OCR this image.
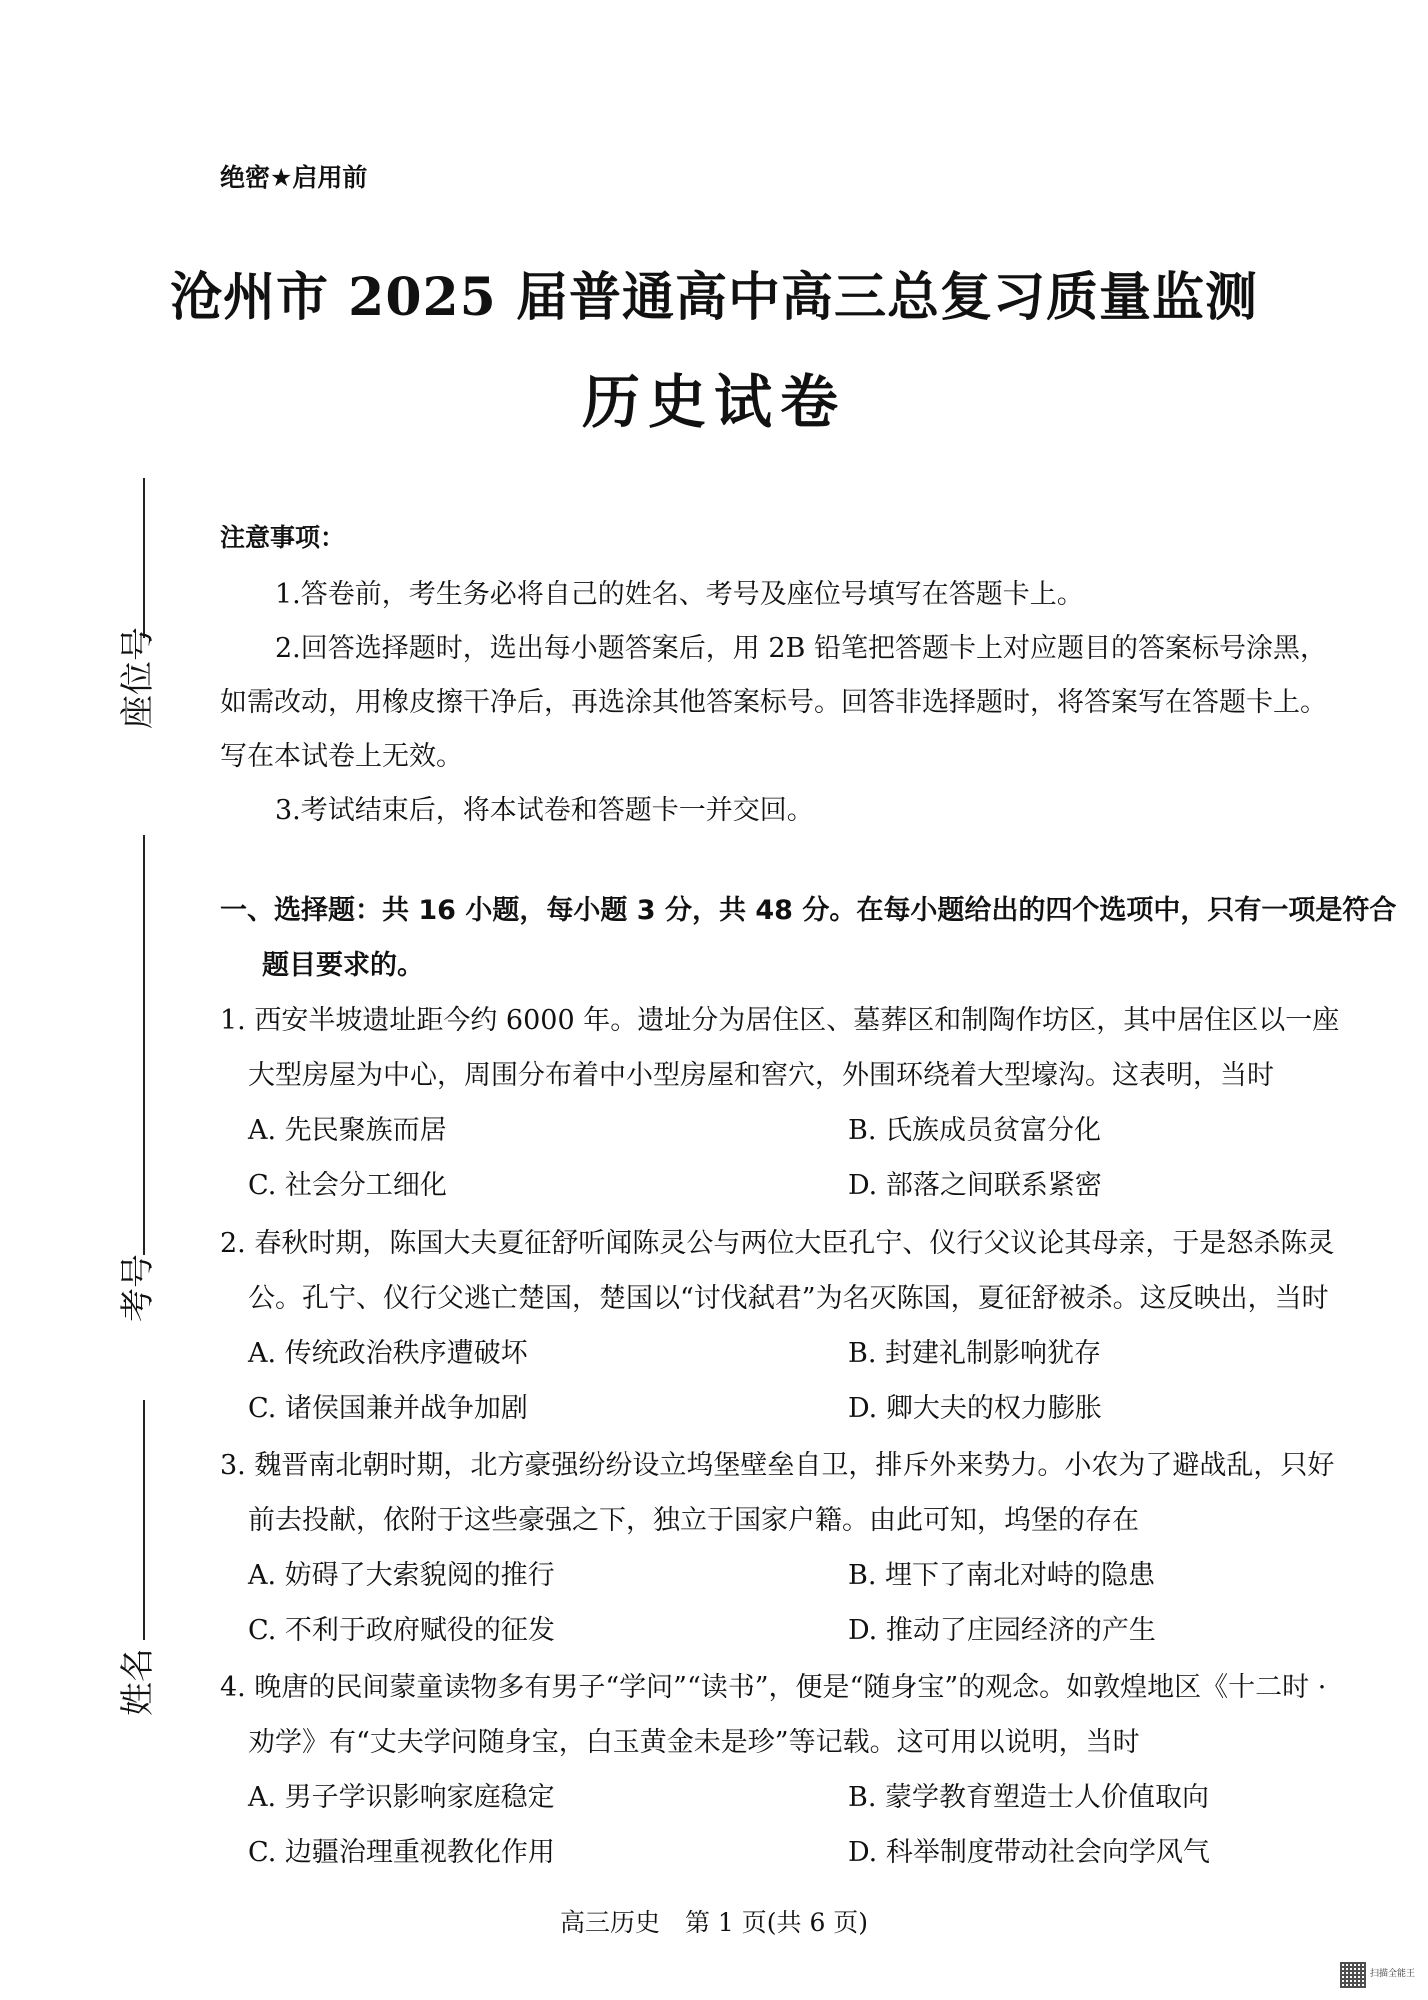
绝密★启用前
沧州市 2025 届普通高中高三总复习质量监测
历史试卷
座位号
考号
姓名
注意事项：
1.答卷前，考生务必将自己的姓名、考号及座位号填写在答题卡上。
2.回答选择题时，选出每小题答案后，用 2B 铅笔把答题卡上对应题目的答案标号涂黑，
如需改动，用橡皮擦干净后，再选涂其他答案标号。回答非选择题时，将答案写在答题卡上。
写在本试卷上无效。
3.考试结束后，将本试卷和答题卡一并交回。
一、选择题：共 16 小题，每小题 3 分，共 48 分。在每小题给出的四个选项中，只有一项是符合
题目要求的。
1. 西安半坡遗址距今约 6000 年。遗址分为居住区、墓葬区和制陶作坊区，其中居住区以一座
大型房屋为中心，周围分布着中小型房屋和窖穴，外围环绕着大型壕沟。这表明，当时
A. 先民聚族而居	B. 氏族成员贫富分化
C. 社会分工细化	D. 部落之间联系紧密
2. 春秋时期，陈国大夫夏征舒听闻陈灵公与两位大臣孔宁、仪行父议论其母亲，于是怒杀陈灵
公。孔宁、仪行父逃亡楚国，楚国以“讨伐弑君”为名灭陈国，夏征舒被杀。这反映出，当时
A. 传统政治秩序遭破坏	B. 封建礼制影响犹存
C. 诸侯国兼并战争加剧	D. 卿大夫的权力膨胀
3. 魏晋南北朝时期，北方豪强纷纷设立坞堡壁垒自卫，排斥外来势力。小农为了避战乱，只好
前去投献，依附于这些豪强之下，独立于国家户籍。由此可知，坞堡的存在
A. 妨碍了大索貌阅的推行	B. 埋下了南北对峙的隐患
C. 不利于政府赋役的征发	D. 推动了庄园经济的产生
4. 晚唐的民间蒙童读物多有男子“学问”“读书”，便是“随身宝”的观念。如敦煌地区《十二时 ·
劝学》有“丈夫学问随身宝，白玉黄金未是珍”等记载。这可用以说明，当时
A. 男子学识影响家庭稳定	B. 蒙学教育塑造士人价值取向
C. 边疆治理重视教化作用	D. 科举制度带动社会向学风气
高三历史　第 1 页(共 6 页)
扫描全能王
